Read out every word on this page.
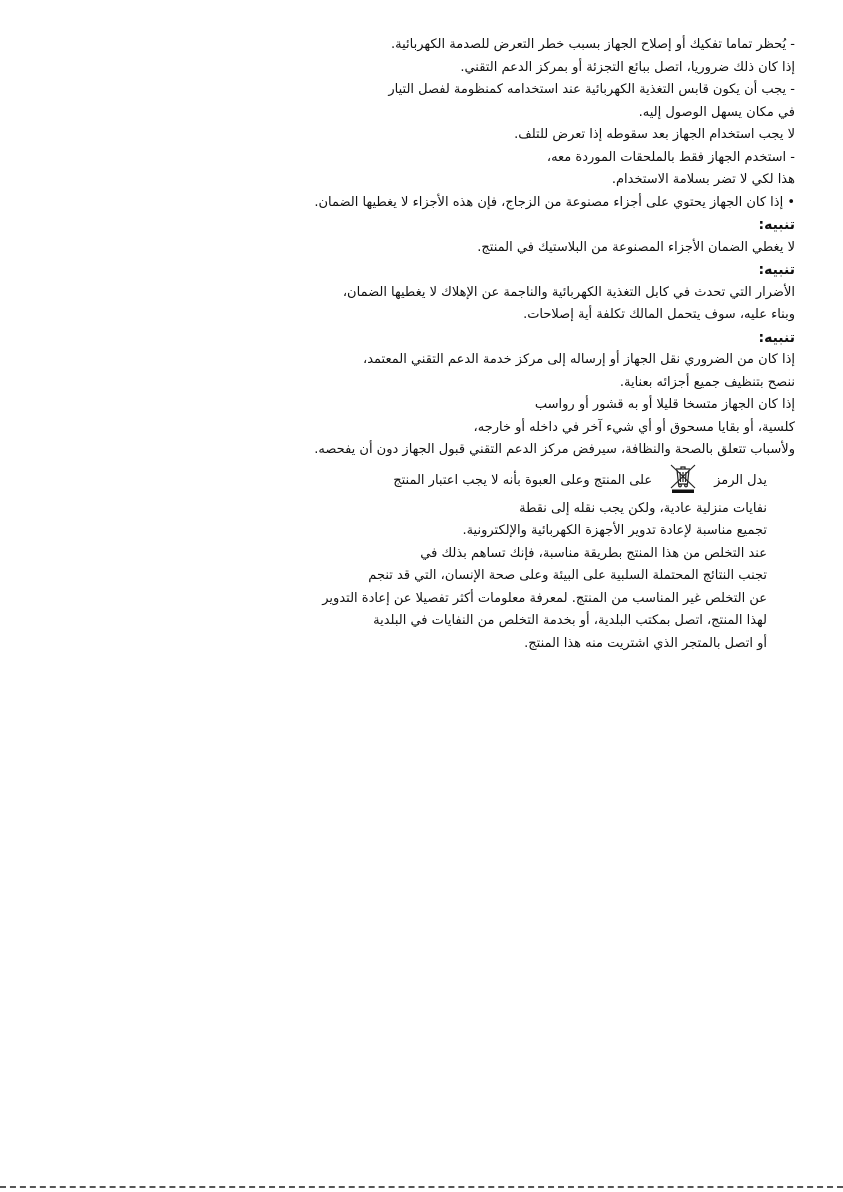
- يُحظر تماما تفكيك أو إصلاح الجهاز بسبب خطر التعرض للصدمة الكهربائية.
إذا كان ذلك ضروريا، اتصل ببائع التجزئة أو بمركز الدعم التقني.
- يجب أن يكون قابس التغذية الكهربائية عند استخدامه كمنظومة لفصل التيار
في مكان يسهل الوصول إليه.
لا يجب استخدام الجهاز بعد سقوطه إذا تعرض للتلف.
- استخدم الجهاز فقط بالملحقات الموردة معه،
هذا لكي لا تضر بسلامة الاستخدام.
• إذا كان الجهاز يحتوي على أجزاء مصنوعة من الزجاج، فإن هذه الأجزاء لا يغطيها الضمان.
تنبيه:
لا يغطي الضمان الأجزاء المصنوعة من البلاستيك في المنتج.
تنبيه:
الأضرار التي تحدث في كابل التغذية الكهربائية والناجمة عن الإهلاك لا يغطيها الضمان،
وبناء عليه، سوف يتحمل المالك تكلفة أية إصلاحات.
تنبيه:
إذا كان من الضروري نقل الجهاز أو إرساله إلى مركز خدمة الدعم التقني المعتمد،
ننصح بتنظيف جميع أجزائه بعناية.
إذا كان الجهاز متسخا قليلا أو به قشور أو رواسب
كلسية، أو بقايا مسحوق أو أي شيء آخر في داخله أو خارجه،
ولأسباب تتعلق بالصحة والنظافة، سيرفض مركز الدعم التقني قبول الجهاز دون أن يفحصه.
يدل الرمز
على المنتج وعلى العبوة بأنه لا يجب اعتبار المنتج
نفايات منزلية عادية، ولكن يجب نقله إلى نقطة
تجميع مناسبة لإعادة تدوير الأجهزة الكهربائية والإلكترونية.
عند التخلص من هذا المنتج بطريقة مناسبة، فإنك تساهم بذلك في
تجنب النتائج المحتملة السلبية على البيئة وعلى صحة الإنسان، التي قد تنجم
عن التخلص غير المناسب من المنتج. لمعرفة معلومات أكثر تفصيلا عن إعادة التدوير
لهذا المنتج، اتصل بمكتب البلدية، أو بخدمة التخلص من النفايات في البلدية
أو اتصل بالمتجر الذي اشتريت منه هذا المنتج.
